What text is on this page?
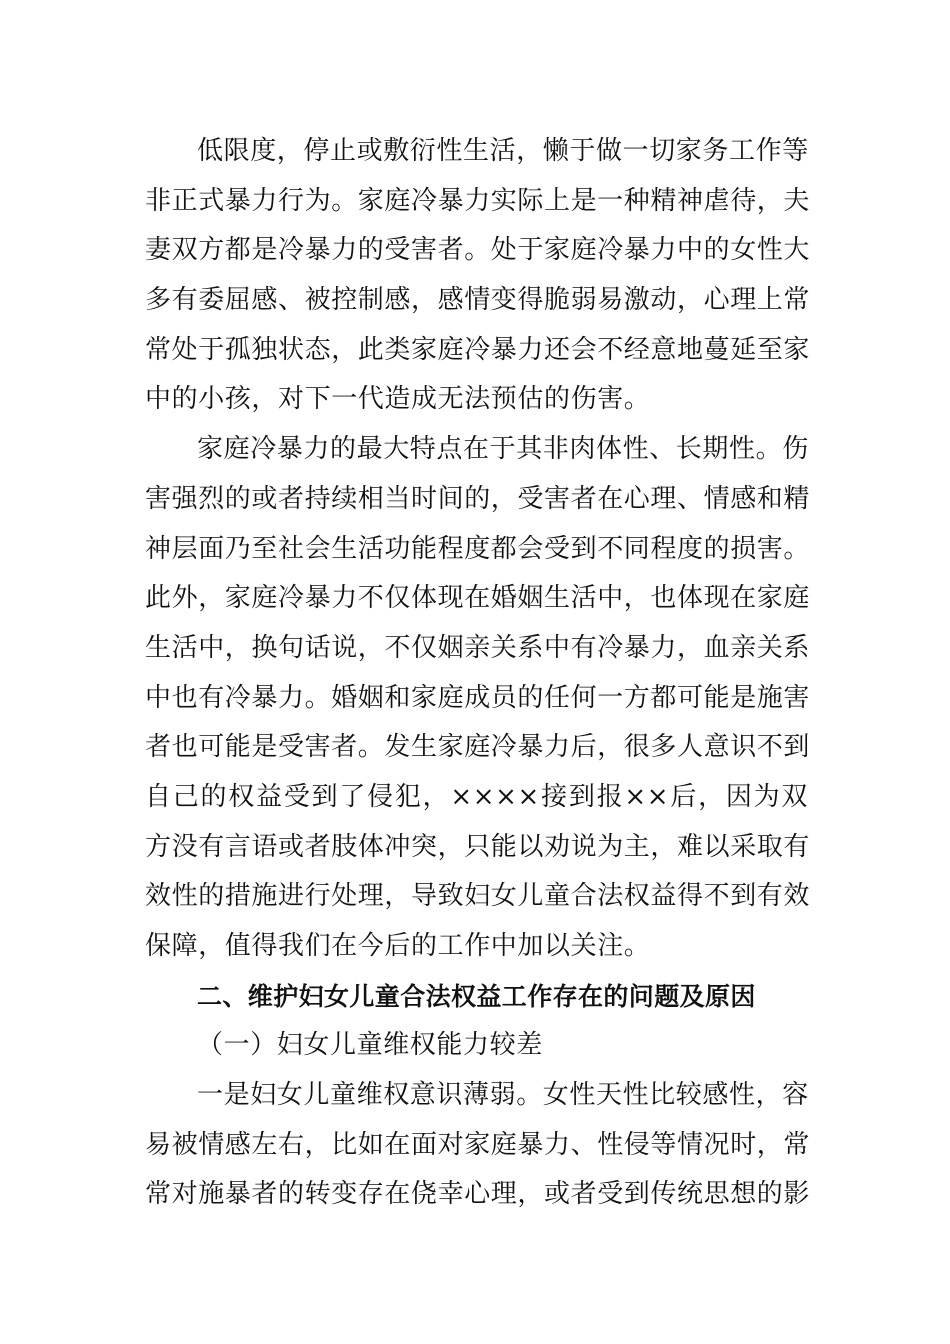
低限度，停止或敷衍性生活，懒于做一切家务工作等
非正式暴力行为。家庭冷暴力实际上是一种精神虐待，夫
妻双方都是冷暴力的受害者。处于家庭冷暴力中的女性大
多有委屈感、被控制感，感情变得脆弱易激动，心理上常
常处于孤独状态，此类家庭冷暴力还会不经意地蔓延至家
中的小孩，对下一代造成无法预估的伤害。
家庭冷暴力的最大特点在于其非肉体性、长期性。伤
害强烈的或者持续相当时间的，受害者在心理、情感和精
神层面乃至社会生活功能程度都会受到不同程度的损害。
此外，家庭冷暴力不仅体现在婚姻生活中，也体现在家庭
生活中，换句话说，不仅姻亲关系中有冷暴力，血亲关系
中也有冷暴力。婚姻和家庭成员的任何一方都可能是施害
者也可能是受害者。发生家庭冷暴力后，很多人意识不到
自己的权益受到了侵犯，××××接到报××后，因为双
方没有言语或者肢体冲突，只能以劝说为主，难以采取有
效性的措施进行处理，导致妇女儿童合法权益得不到有效
保障，值得我们在今后的工作中加以关注。
二、维护妇女儿童合法权益工作存在的问题及原因
（一）妇女儿童维权能力较差
一是妇女儿童维权意识薄弱。女性天性比较感性，容
易被情感左右，比如在面对家庭暴力、性侵等情况时，常
常对施暴者的转变存在侥幸心理，或者受到传统思想的影
